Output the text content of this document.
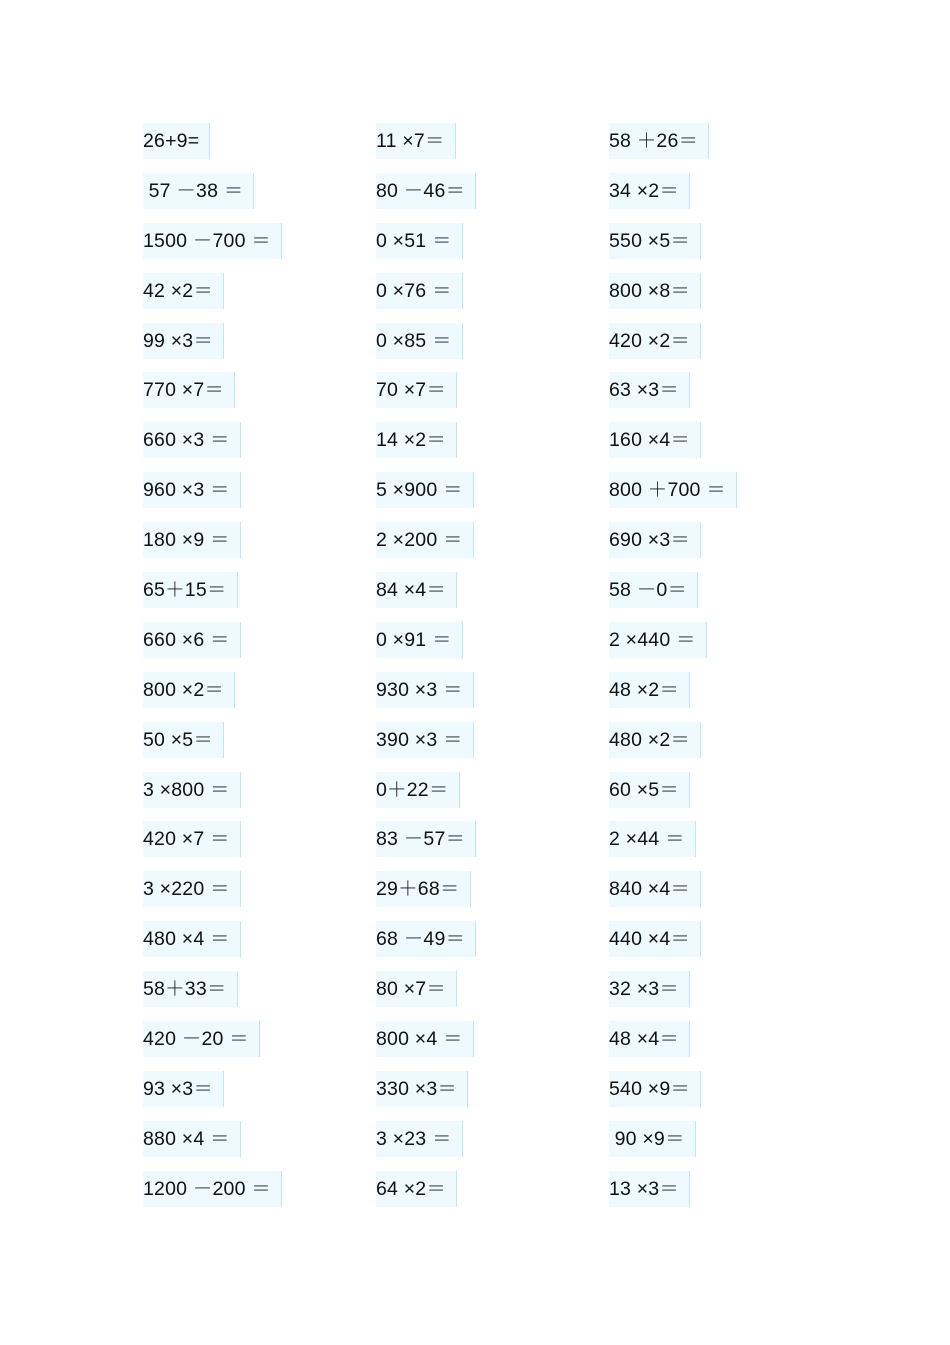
26+9=	11 ×7＝	58 ＋26＝
57 －38 ＝	80 －46＝	34 ×2＝
1500 －700 ＝	0 ×51 ＝	550 ×5＝
42 ×2＝	0 ×76 ＝	800 ×8＝
99 ×3＝	0 ×85 ＝	420 ×2＝
770 ×7＝	70 ×7＝	63 ×3＝
660 ×3 ＝	14 ×2＝	160 ×4＝
960 ×3 ＝	5 ×900 ＝	800 ＋700 ＝
180 ×9 ＝	2 ×200 ＝	690 ×3＝
65＋15＝	84 ×4＝	58 －0＝
660 ×6 ＝	0 ×91 ＝	2 ×440 ＝
800 ×2＝	930 ×3 ＝	48 ×2＝
50 ×5＝	390 ×3 ＝	480 ×2＝
3 ×800 ＝	0＋22＝	60 ×5＝
420 ×7 ＝	83 －57＝	2 ×44 ＝
3 ×220 ＝	29＋68＝	840 ×4＝
480 ×4 ＝	68 －49＝	440 ×4＝
58＋33＝	80 ×7＝	32 ×3＝
420 －20 ＝	800 ×4 ＝	48 ×4＝
93 ×3＝	330 ×3＝	540 ×9＝
880 ×4 ＝	3 ×23 ＝	90 ×9＝
1200 －200 ＝	64 ×2＝	13 ×3＝
